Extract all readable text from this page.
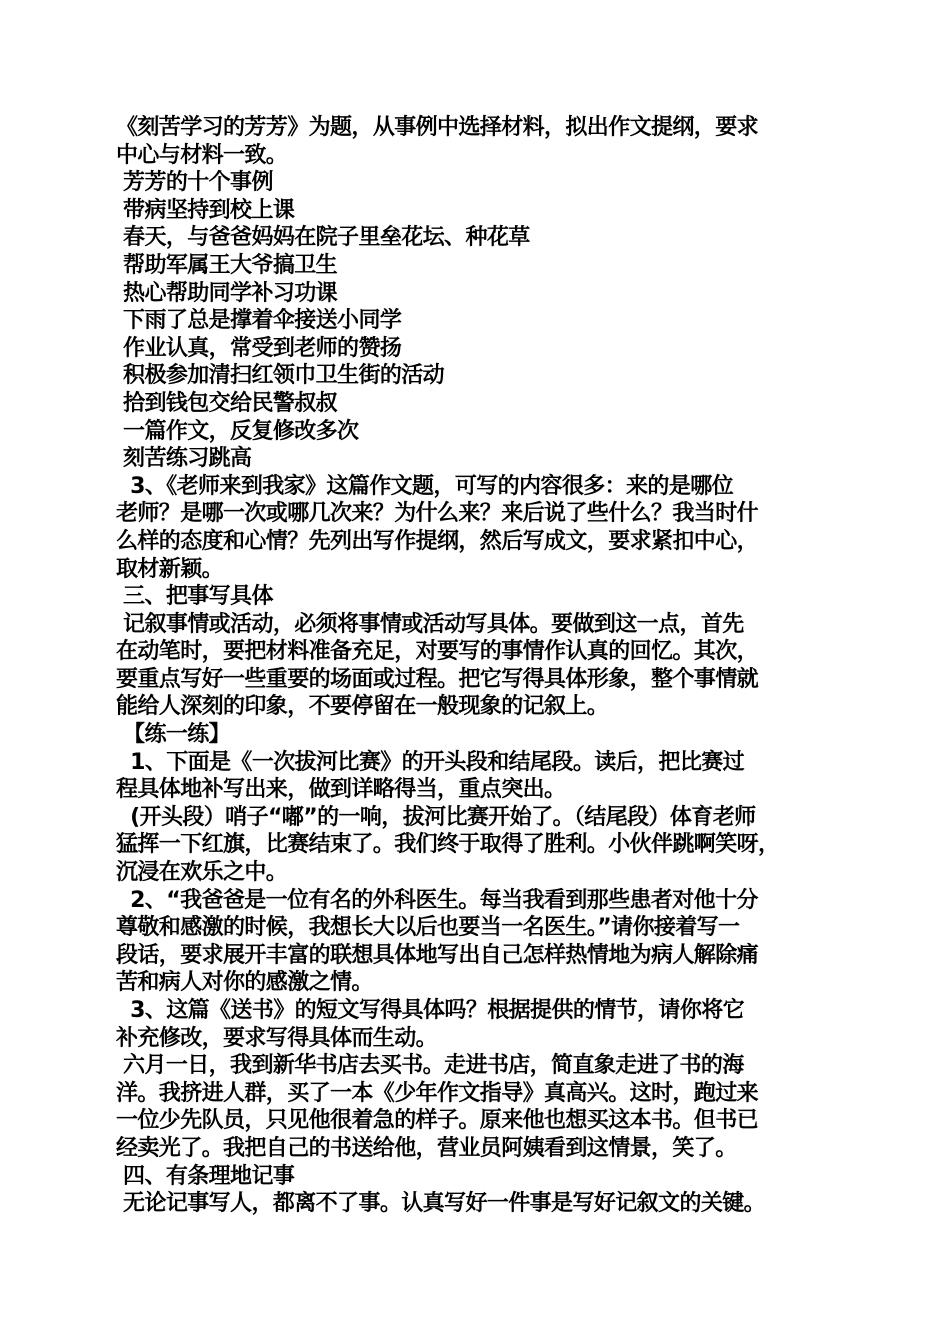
《刻苦学习的芳芳》为题，从事例中选择材料，拟出作文提纲，要求
中心与材料一致。
芳芳的十个事例
带病坚持到校上课
春天，与爸爸妈妈在院子里垒花坛、种花草
帮助军属王大爷搞卫生
热心帮助同学补习功课
下雨了总是撑着伞接送小同学
作业认真，常受到老师的赞扬
积极参加清扫红领巾卫生街的活动
拾到钱包交给民警叔叔
一篇作文，反复修改多次
刻苦练习跳高
3、《老师来到我家》这篇作文题，可写的内容很多：来的是哪位
老师？是哪一次或哪几次来？为什么来？来后说了些什么？我当时什
么样的态度和心情？先列出写作提纲，然后写成文，要求紧扣中心，
取材新颖。
三、把事写具体
记叙事情或活动，必须将事情或活动写具体。要做到这一点，首先
在动笔时，要把材料准备充足，对要写的事情作认真的回忆。其次，
要重点写好一些重要的场面或过程。把它写得具体形象，整个事情就
能给人深刻的印象，不要停留在一般现象的记叙上。
【练一练】
1、下面是《一次拔河比赛》的开头段和结尾段。读后，把比赛过
程具体地补写出来，做到详略得当，重点突出。
(开头段）哨子“嘟”的一响，拔河比赛开始了。（结尾段）体育老师
猛挥一下红旗，比赛结束了。我们终于取得了胜利。小伙伴跳啊笑呀，
沉浸在欢乐之中。
2、“我爸爸是一位有名的外科医生。每当我看到那些患者对他十分
尊敬和感激的时候，我想长大以后也要当一名医生。”请你接着写一
段话，要求展开丰富的联想具体地写出自己怎样热情地为病人解除痛
苦和病人对你的感激之情。
3、这篇《送书》的短文写得具体吗？根据提供的情节，请你将它
补充修改，要求写得具体而生动。
六月一日，我到新华书店去买书。走进书店，简直象走进了书的海
洋。我挤进人群，买了一本《少年作文指导》真高兴。这时，跑过来
一位少先队员，只见他很着急的样子。原来他也想买这本书。但书已
经卖光了。我把自己的书送给他，营业员阿姨看到这情景，笑了。
四、有条理地记事
无论记事写人，都离不了事。认真写好一件事是写好记叙文的关键。
